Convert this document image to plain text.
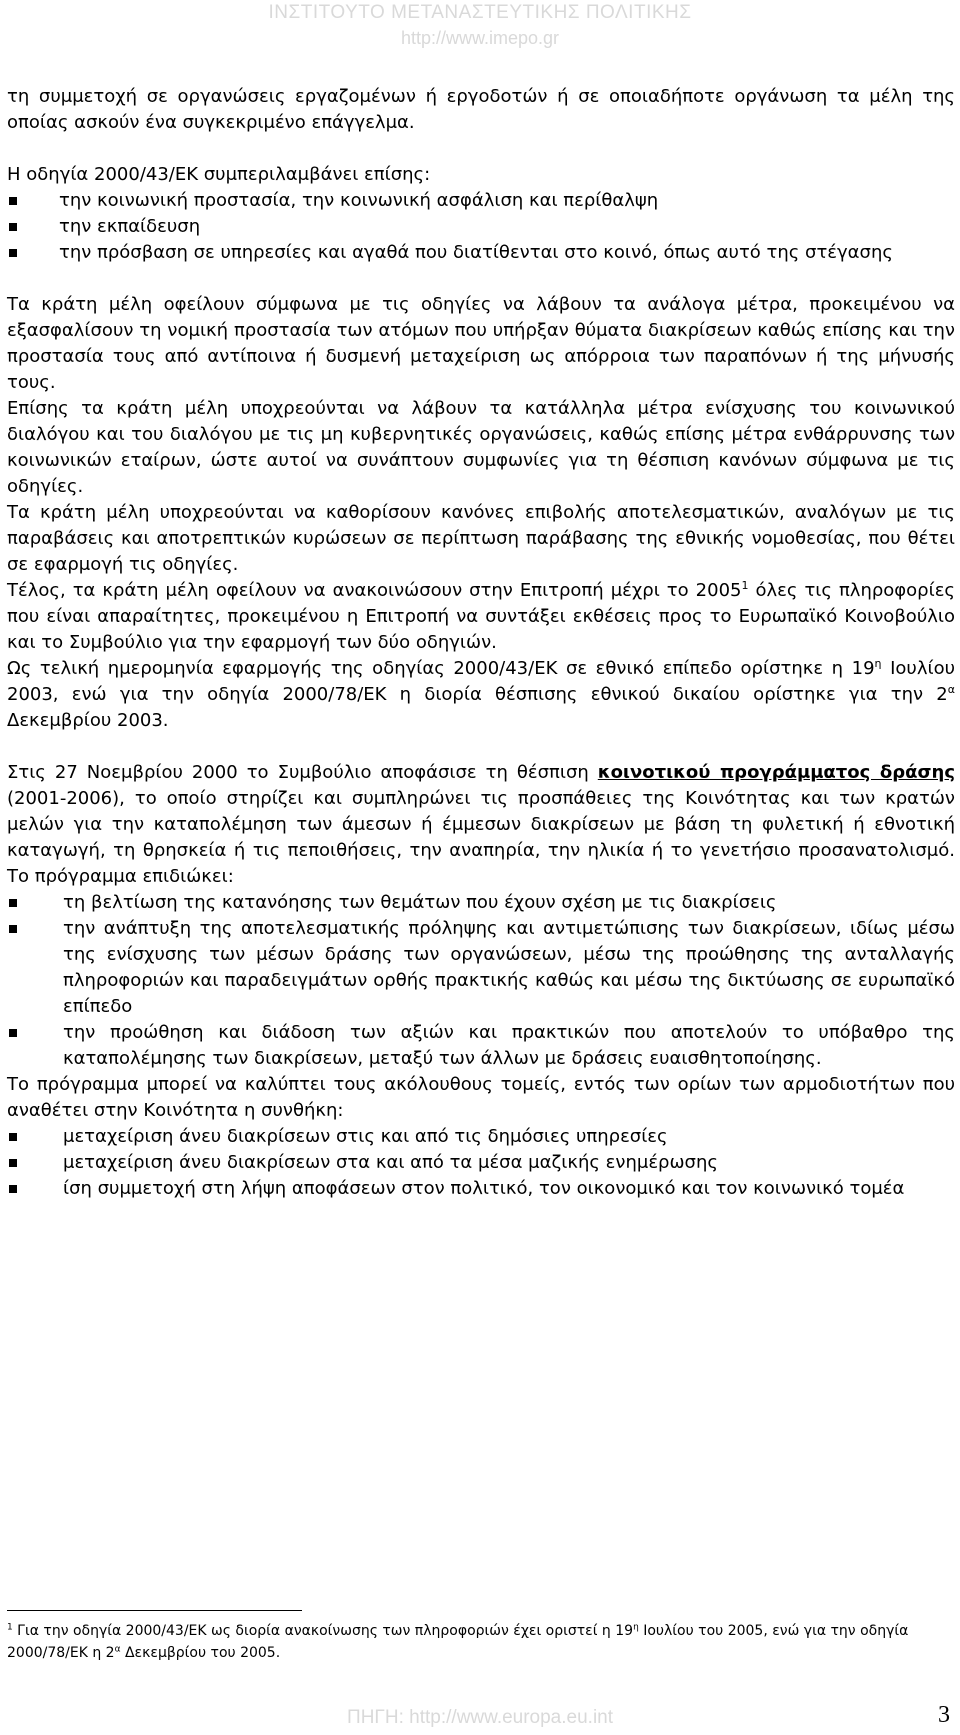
ΙΝΣΤΙΤΟΥΤΟ ΜΕΤΑΝΑΣΤΕΥΤΙΚΗΣ ΠΟΛΙΤΙΚΗΣ
http://www.imepo.gr

τη συμμετοχή σε οργανώσεις εργαζομένων ή εργοδοτών ή σε οποιαδήποτε οργάνωση τα μέλη της οποίας ασκούν ένα συγκεκριμένο επάγγελμα.

Η οδηγία 2000/43/ΕΚ συμπεριλαμβάνει επίσης:

την κοινωνική προστασία, την κοινωνική ασφάλιση και περίθαλψη
την εκπαίδευση
την πρόσβαση σε υπηρεσίες και αγαθά που διατίθενται στο κοινό, όπως αυτό της στέγασης

Τα κράτη μέλη οφείλουν σύμφωνα με τις οδηγίες να λάβουν τα ανάλογα μέτρα, προκειμένου να εξασφαλίσουν τη νομική προστασία των ατόμων που υπήρξαν θύματα διακρίσεων καθώς επίσης και την προστασία τους από αντίποινα ή δυσμενή μεταχείριση ως απόρροια των παραπόνων ή της μήνυσής τους.

Επίσης τα κράτη μέλη υποχρεούνται να λάβουν τα κατάλληλα μέτρα ενίσχυσης του κοινωνικού διαλόγου και του διαλόγου με τις μη κυβερνητικές οργανώσεις, καθώς επίσης μέτρα ενθάρρυνσης των κοινωνικών εταίρων, ώστε αυτοί να συνάπτουν συμφωνίες για τη θέσπιση κανόνων σύμφωνα με τις οδηγίες.

Τα κράτη μέλη υποχρεούνται να καθορίσουν κανόνες επιβολής αποτελεσματικών, αναλόγων με τις παραβάσεις και αποτρεπτικών κυρώσεων σε περίπτωση παράβασης της εθνικής νομοθεσίας, που θέτει σε εφαρμογή τις οδηγίες.

Τέλος, τα κράτη μέλη οφείλουν να ανακοινώσουν στην Επιτροπή μέχρι το 2005$^1$ όλες τις πληροφορίες που είναι απαραίτητες, προκειμένου η Επιτροπή να συντάξει εκθέσεις προς το Ευρωπαϊκό Κοινοβούλιο και το Συμβούλιο για την εφαρμογή των δύο οδηγιών.

Ως τελική ημερομηνία εφαρμογής της οδηγίας 2000/43/ΕΚ σε εθνικό επίπεδο ορίστηκε η $19^\eta$ Ιουλίου 2003, ενώ για την οδηγία 2000/78/ΕΚ η διορία θέσπισης εθνικού δικαίου ορίστηκε για την $2^\alpha$ Δεκεμβρίου 2003.

Στις 27 Νοεμβρίου 2000 το Συμβούλιο αποφάσισε τη θέσπιση κοινοτικού προγράμματος δράσης (2001-2006), το οποίο στηρίζει και συμπληρώνει τις προσπάθειες της Κοινότητας και των κρατών μελών για την καταπολέμηση των άμεσων ή έμμεσων διακρίσεων με βάση τη φυλετική ή εθνοτική καταγωγή, τη θρησκεία ή τις πεποιθήσεις, την αναπηρία, την ηλικία ή το γενετήσιο προσανατολισμό. Το πρόγραμμα επιδιώκει:

τη βελτίωση της κατανόησης των θεμάτων που έχουν σχέση με τις διακρίσεις
την ανάπτυξη της αποτελεσματικής πρόληψης και αντιμετώπισης των διακρίσεων, ιδίως μέσω της ενίσχυσης των μέσων δράσης των οργανώσεων, μέσω της προώθησης της ανταλλαγής πληροφοριών και παραδειγμάτων ορθής πρακτικής καθώς και μέσω της δικτύωσης σε ευρωπαϊκό επίπεδο
την προώθηση και διάδοση των αξιών και πρακτικών που αποτελούν το υπόβαθρο της καταπολέμησης των διακρίσεων, μεταξύ των άλλων με δράσεις ευαισθητοποίησης.

Το πρόγραμμα μπορεί να καλύπτει τους ακόλουθους τομείς, εντός των ορίων των αρμοδιοτήτων που αναθέτει στην Κοινότητα η συνθήκη:

μεταχείριση άνευ διακρίσεων στις και από τις δημόσιες υπηρεσίες
μεταχείριση άνευ διακρίσεων στα και από τα μέσα μαζικής ενημέρωσης
ίση συμμετοχή στη λήψη αποφάσεων στον πολιτικό, τον οικονομικό και τον κοινωνικό τομέα
$^1$ Για την οδηγία 2000/43/ΕΚ ως διορία ανακοίνωσης των πληροφοριών έχει οριστεί η $19^\eta$ Ιουλίου του 2005, ενώ για την οδηγία 2000/78/ΕΚ η $2^\alpha$ Δεκεμβρίου του 2005.
ΠΗΓΗ: http://www.europa.eu.int	3
